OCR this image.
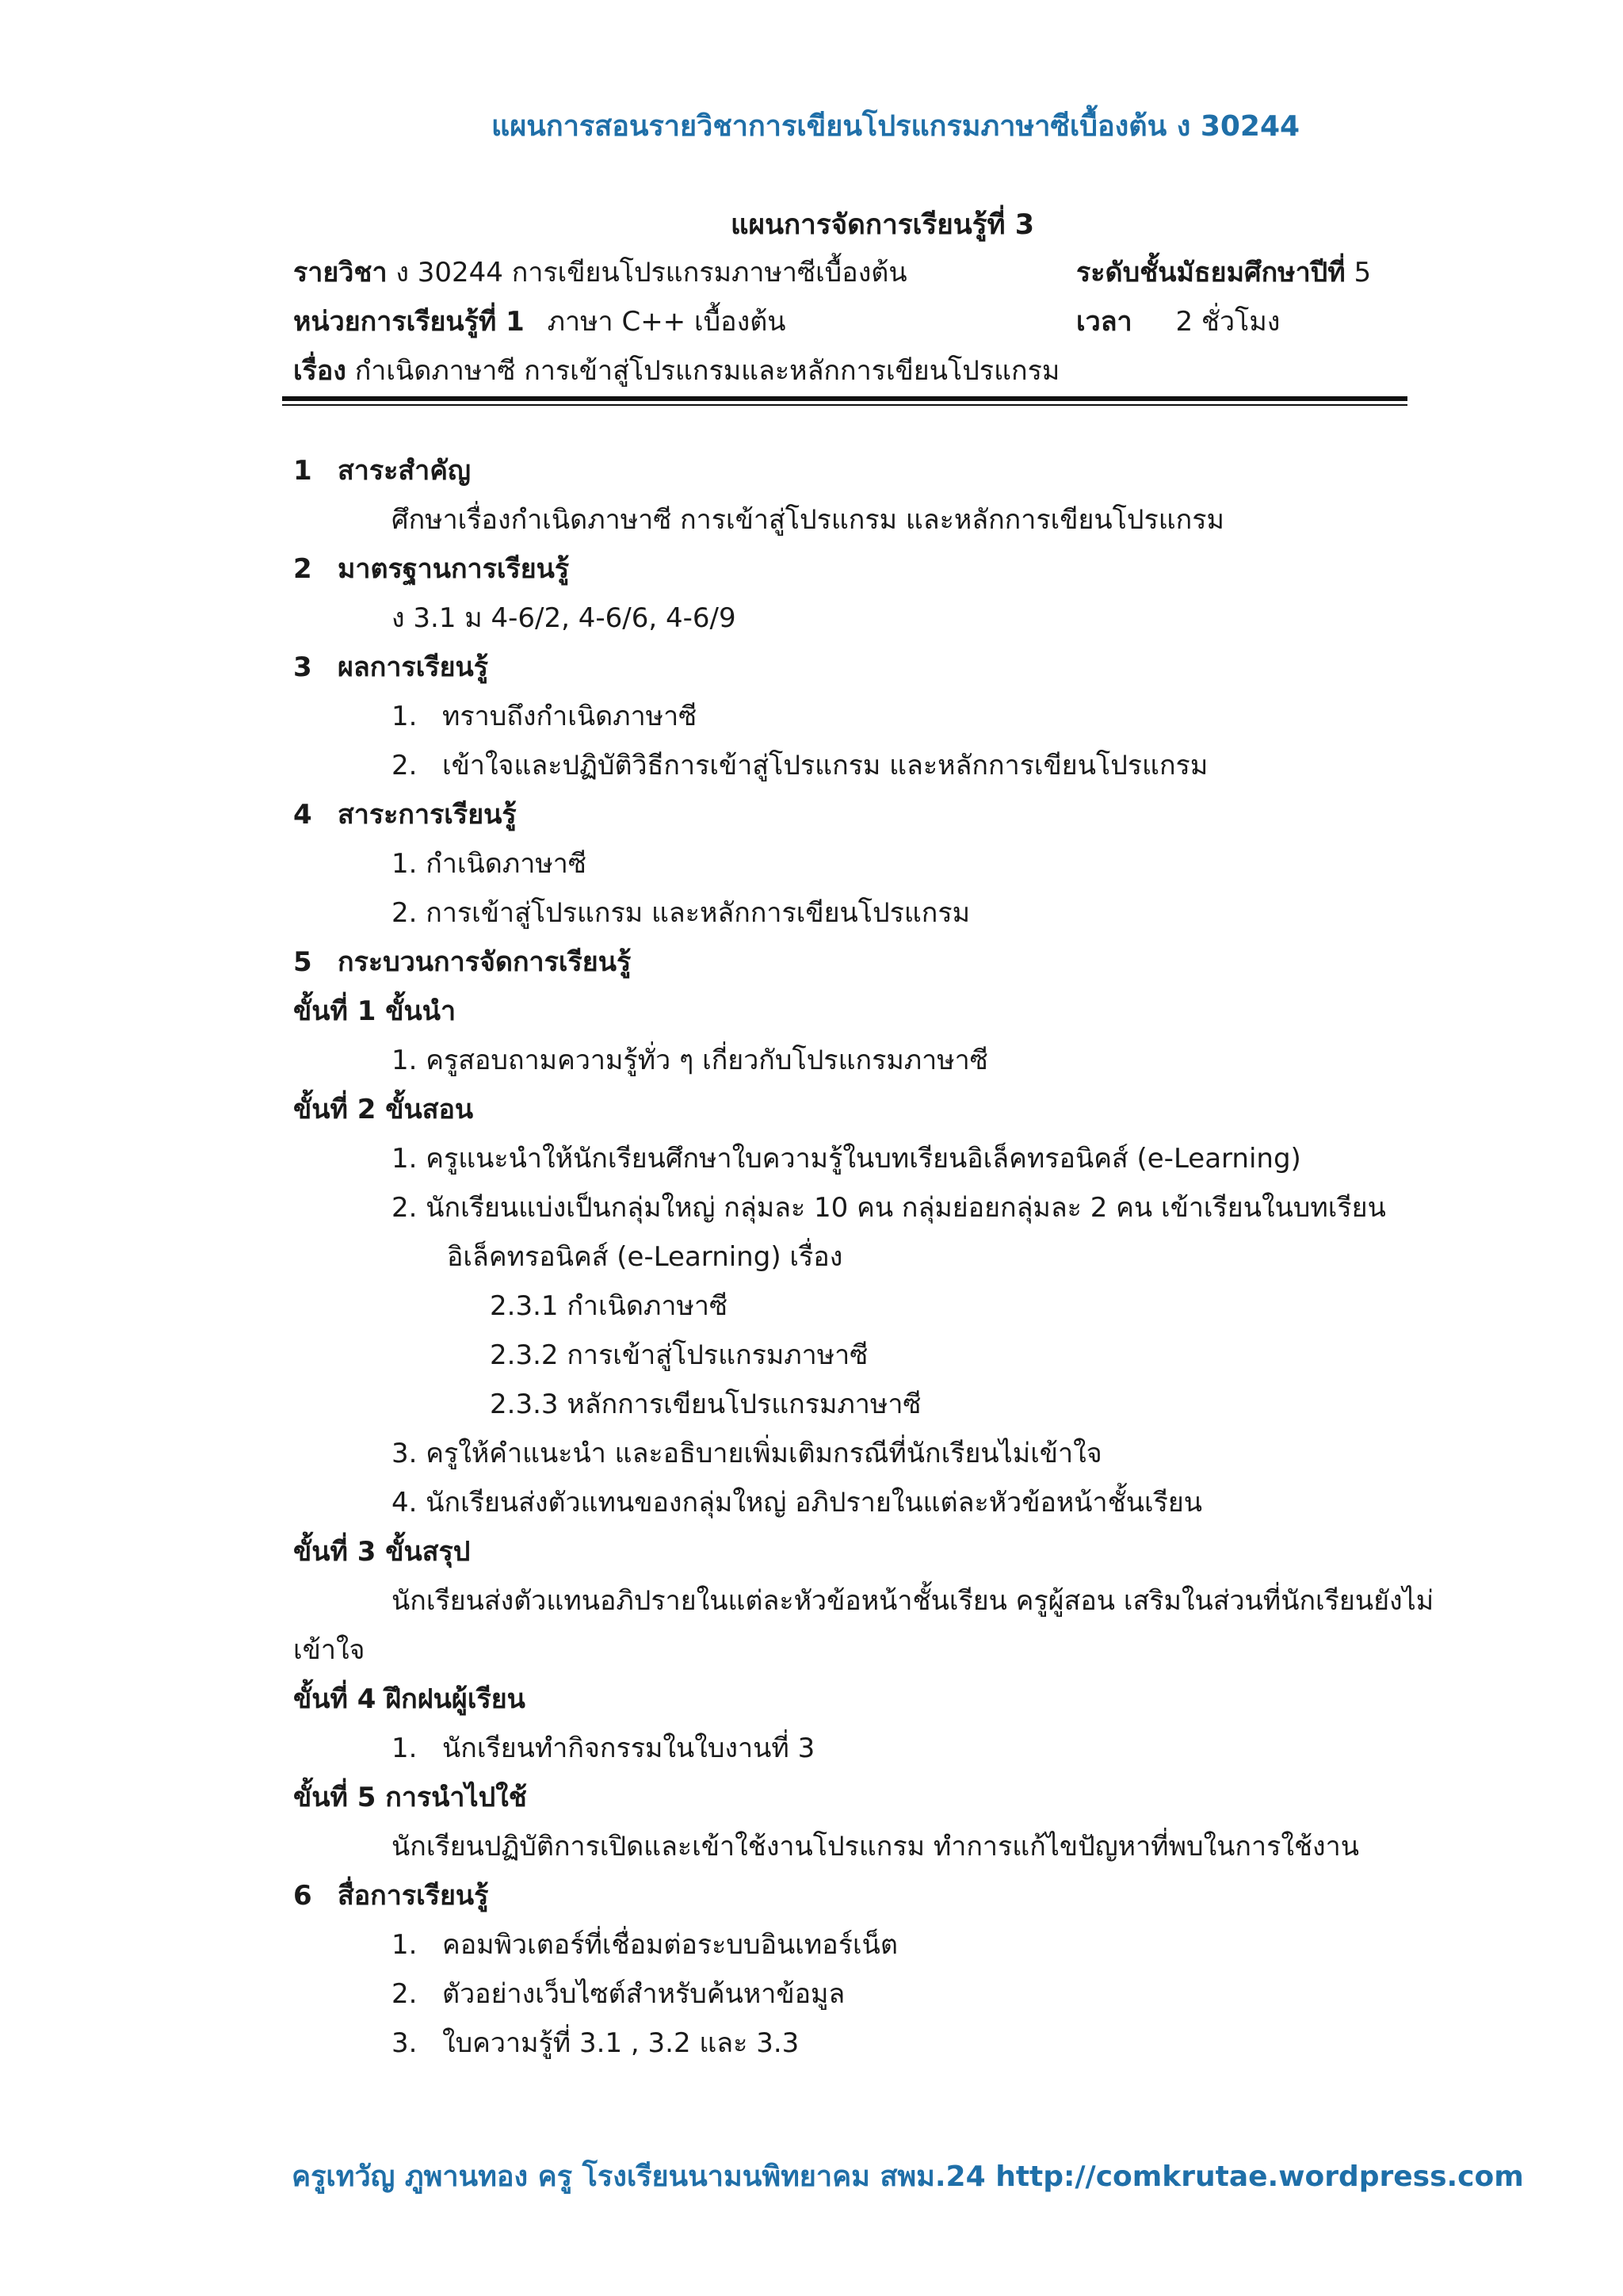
แผนการสอนรายวิชาการเขียนโปรแกรมภาษาซีเบื้องต้น ง 30244
แผนการจัดการเรียนรู้ที่ 3
รายวิชา ง 30244 การเขียนโปรแกรมภาษาซีเบื้องต้น	ระดับชั้นมัธยมศึกษาปีที่ 5
หน่วยการเรียนรู้ที่ 1 ภาษา C++ เบื้องต้น	เวลา 2 ชั่วโมง
เรื่อง กำเนิดภาษาซี การเข้าสู่โปรแกรมและหลักการเขียนโปรแกรม
1 สาระสำคัญ
ศึกษาเรื่องกำเนิดภาษาซี การเข้าสู่โปรแกรม และหลักการเขียนโปรแกรม
2 มาตรฐานการเรียนรู้
ง 3.1 ม 4-6/2, 4-6/6, 4-6/9
3 ผลการเรียนรู้
1. ทราบถึงกำเนิดภาษาซี
2. เข้าใจและปฏิบัติวิธีการเข้าสู่โปรแกรม และหลักการเขียนโปรแกรม
4 สาระการเรียนรู้
1. กำเนิดภาษาซี
2. การเข้าสู่โปรแกรม และหลักการเขียนโปรแกรม
5 กระบวนการจัดการเรียนรู้
ขั้นที่ 1 ขั้นนำ
1. ครูสอบถามความรู้ทั่ว ๆ เกี่ยวกับโปรแกรมภาษาซี
ขั้นที่ 2 ขั้นสอน
1. ครูแนะนำให้นักเรียนศึกษาใบความรู้ในบทเรียนอิเล็คทรอนิคส์ (e-Learning)
2. นักเรียนแบ่งเป็นกลุ่มใหญ่ กลุ่มละ 10 คน กลุ่มย่อยกลุ่มละ 2 คน เข้าเรียนในบทเรียน
อิเล็คทรอนิคส์ (e-Learning) เรื่อง
2.3.1 กำเนิดภาษาซี
2.3.2 การเข้าสู่โปรแกรมภาษาซี
2.3.3 หลักการเขียนโปรแกรมภาษาซี
3. ครูให้คำแนะนำ และอธิบายเพิ่มเติมกรณีที่นักเรียนไม่เข้าใจ
4. นักเรียนส่งตัวแทนของกลุ่มใหญ่ อภิปรายในแต่ละหัวข้อหน้าชั้นเรียน
ขั้นที่ 3 ขั้นสรุป
นักเรียนส่งตัวแทนอภิปรายในแต่ละหัวข้อหน้าชั้นเรียน ครูผู้สอน เสริมในส่วนที่นักเรียนยังไม่
เข้าใจ
ขั้นที่ 4 ฝึกฝนผู้เรียน
1. นักเรียนทำกิจกรรมในใบงานที่ 3
ขั้นที่ 5 การนำไปใช้
นักเรียนปฏิบัติการเปิดและเข้าใช้งานโปรแกรม ทำการแก้ไขปัญหาที่พบในการใช้งาน
6 สื่อการเรียนรู้
1. คอมพิวเตอร์ที่เชื่อมต่อระบบอินเทอร์เน็ต
2. ตัวอย่างเว็บไซต์สำหรับค้นหาข้อมูล
3. ใบความรู้ที่ 3.1 , 3.2 และ 3.3
ครูเทวัญ ภูพานทอง ครู โรงเรียนนามนพิทยาคม สพม.24 http://comkrutae.wordpress.com
